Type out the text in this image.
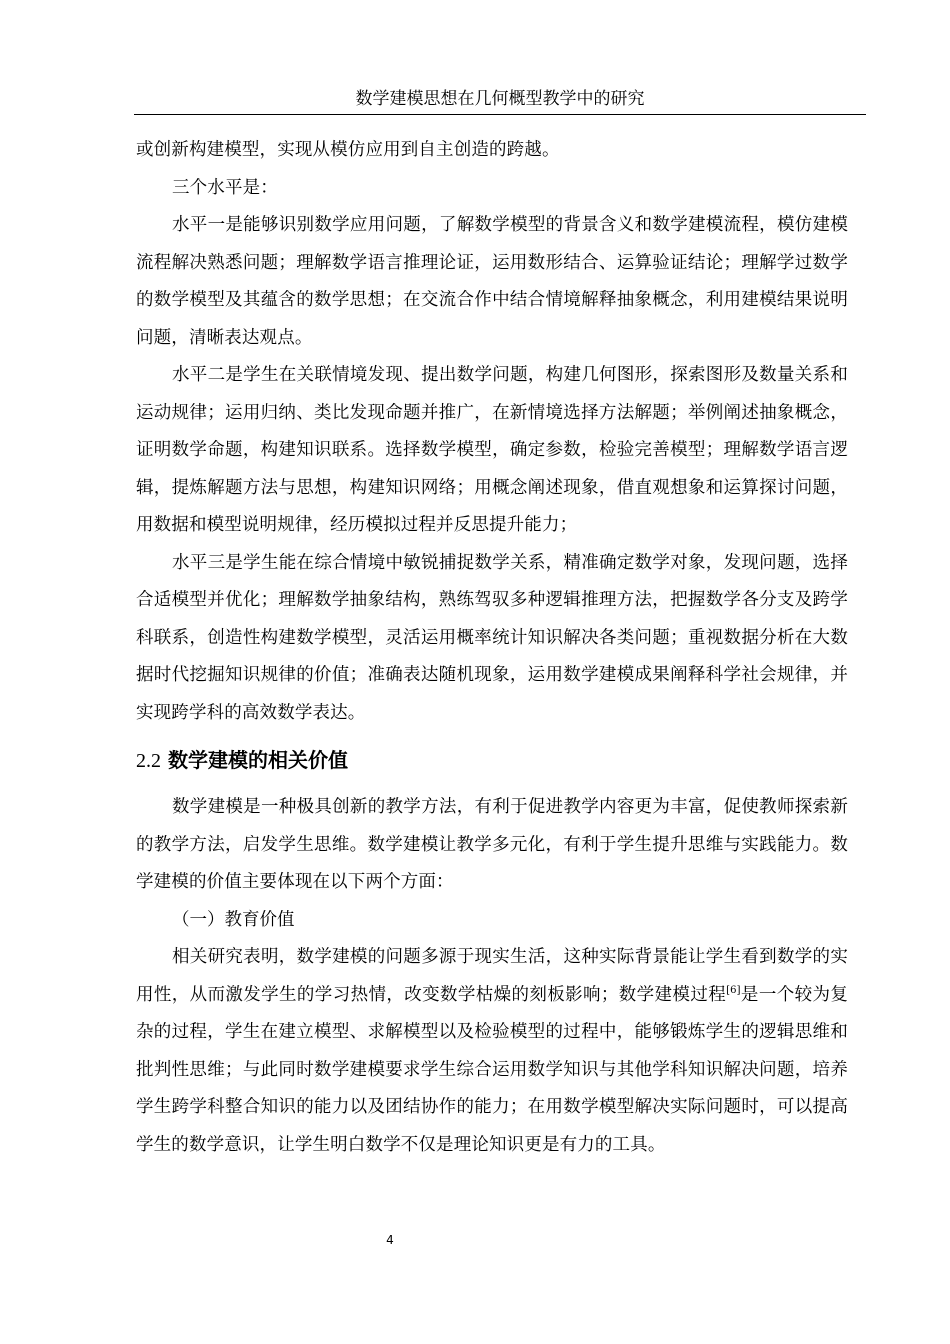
数学建模思想在几何概型教学中的研究

或创新构建模型，实现从模仿应用到自主创造的跨越。

三个水平是：

水平一是能够识别数学应用问题，了解数学模型的背景含义和数学建模流程，模仿建模流程解决熟悉问题；理解数学语言推理论证，运用数形结合、运算验证结论；理解学过数学的数学模型及其蕴含的数学思想；在交流合作中结合情境解释抽象概念，利用建模结果说明问题，清晰表达观点。

水平二是学生在关联情境发现、提出数学问题，构建几何图形，探索图形及数量关系和运动规律；运用归纳、类比发现命题并推广，在新情境选择方法解题；举例阐述抽象概念，证明数学命题，构建知识联系。选择数学模型，确定参数，检验完善模型；理解数学语言逻辑，提炼解题方法与思想，构建知识网络；用概念阐述现象，借直观想象和运算探讨问题，用数据和模型说明规律，经历模拟过程并反思提升能力；

水平三是学生能在综合情境中敏锐捕捉数学关系，精准确定数学对象，发现问题，选择合适模型并优化；理解数学抽象结构，熟练驾驭多种逻辑推理方法，把握数学各分支及跨学科联系，创造性构建数学模型，灵活运用概率统计知识解决各类问题；重视数据分析在大数据时代挖掘知识规律的价值；准确表达随机现象，运用数学建模成果阐释科学社会规律，并实现跨学科的高效数学表达。

2.2 数学建模的相关价值

数学建模是一种极具创新的教学方法，有利于促进教学内容更为丰富，促使教师探索新的教学方法，启发学生思维。数学建模让教学多元化，有利于学生提升思维与实践能力。数学建模的价值主要体现在以下两个方面：

（一）教育价值

相关研究表明，数学建模的问题多源于现实生活，这种实际背景能让学生看到数学的实用性，从而激发学生的学习热情，改变数学枯燥的刻板影响；数学建模过程[6]是一个较为复杂的过程，学生在建立模型、求解模型以及检验模型的过程中，能够锻炼学生的逻辑思维和批判性思维；与此同时数学建模要求学生综合运用数学知识与其他学科知识解决问题，培养学生跨学科整合知识的能力以及团结协作的能力；在用数学模型解决实际问题时，可以提高学生的数学意识，让学生明白数学不仅是理论知识更是有力的工具。

4
